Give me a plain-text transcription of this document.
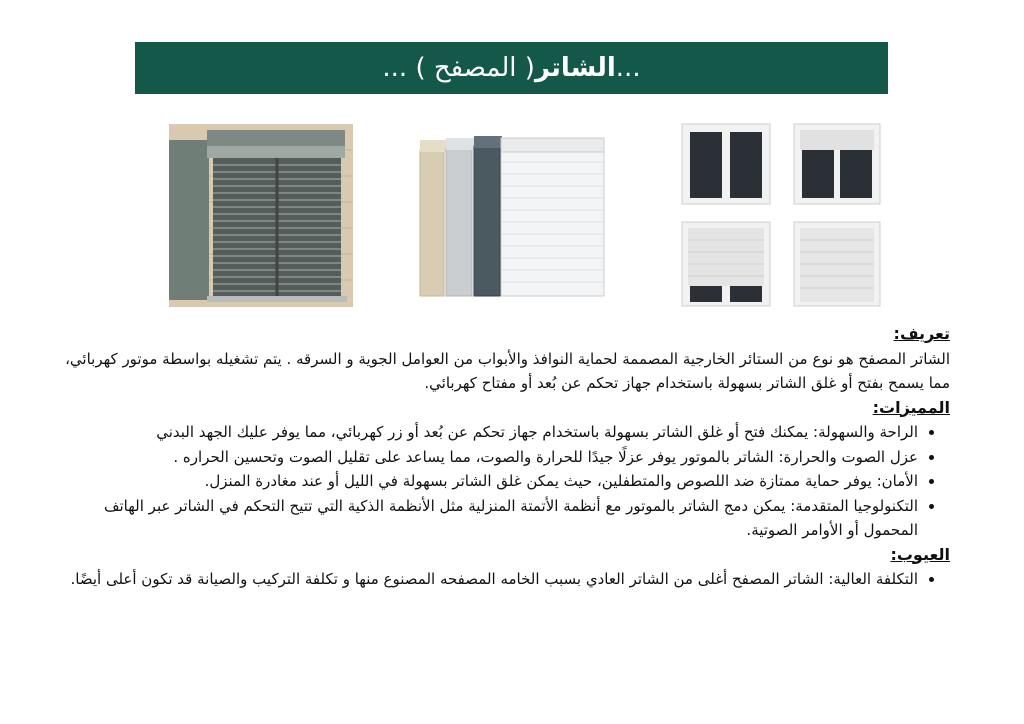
...
الشاتر
( المصفح ) ...
تعريف:

الشاتر المصفح هو نوع من الستائر الخارجية المصممة لحماية النوافذ والأبواب من العوامل الجوية و السرقه . يتم تشغيله بواسطة موتور كهربائي، مما يسمح بفتح أو غلق الشاتر بسهولة باستخدام جهاز تحكم عن بُعد أو مفتاح كهربائي.

المميزات:
• الراحة والسهولة: يمكنك فتح أو غلق الشاتر بسهولة باستخدام جهاز تحكم عن بُعد أو زر كهربائي، مما يوفر عليك الجهد البدني
• عزل الصوت والحرارة: الشاتر بالموتور يوفر عزلًا جيدًا للحرارة والصوت، مما يساعد على تقليل الصوت وتحسين الحراره .
• الأمان: يوفر حماية ممتازة ضد اللصوص والمتطفلين، حيث يمكن غلق الشاتر بسهولة في الليل أو عند مغادرة المنزل.
• التكنولوجيا المتقدمة: يمكن دمج الشاتر بالموتور مع أنظمة الأتمتة المنزلية مثل الأنظمة الذكية التي تتيح التحكم في الشاتر عبر الهاتف المحمول أو الأوامر الصوتية.
العيوب:
• التكلفة العالية: الشاتر المصفح أغلى من الشاتر العادي بسبب الخامه المصفحه المصنوع منها و تكلفة التركيب والصيانة قد تكون أعلى أيضًا.
